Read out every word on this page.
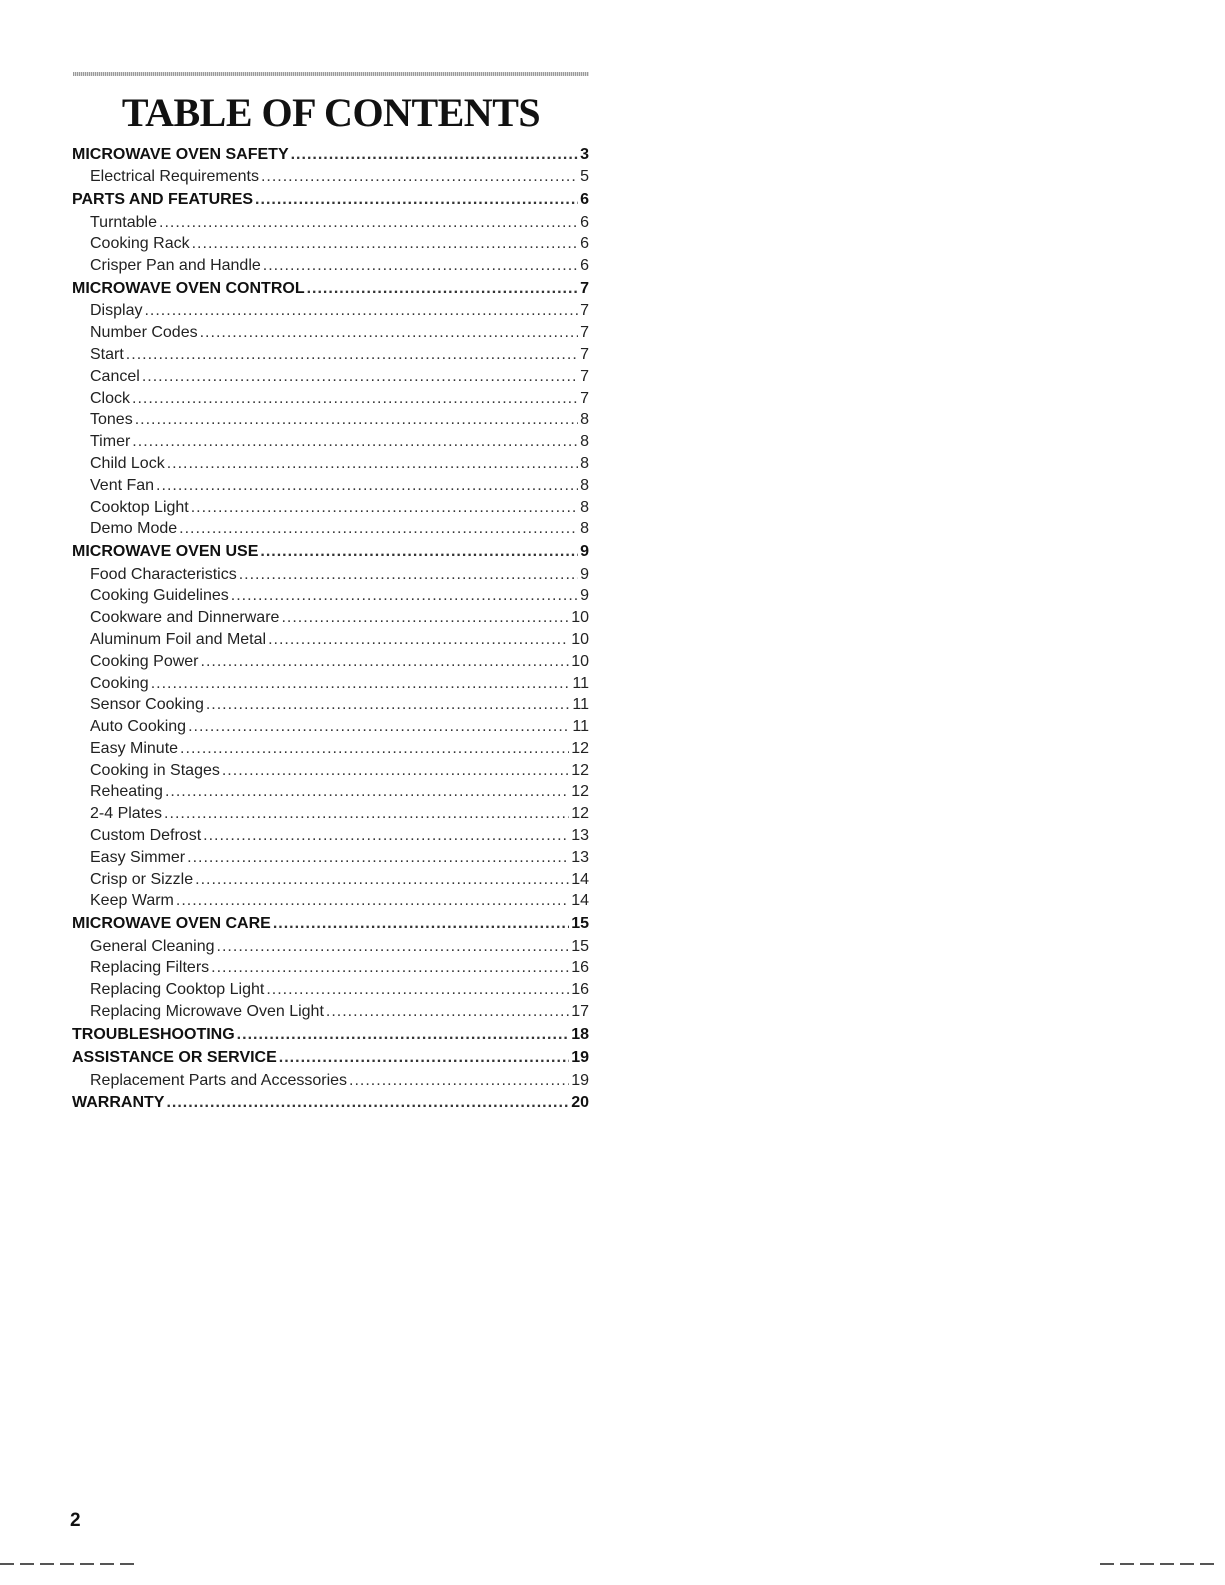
TABLE OF CONTENTS
MICROWAVE OVEN SAFETY .....	3
Electrical Requirements .....	5
PARTS AND FEATURES .....	6
Turntable .....	6
Cooking Rack .....	6
Crisper Pan and Handle .....	6
MICROWAVE OVEN CONTROL .....	7
Display .....	7
Number Codes .....	7
Start .....	7
Cancel .....	7
Clock .....	7
Tones .....	8
Timer .....	8
Child Lock .....	8
Vent Fan .....	8
Cooktop Light .....	8
Demo Mode .....	8
MICROWAVE OVEN USE .....	9
Food Characteristics .....	9
Cooking Guidelines .....	9
Cookware and Dinnerware .....	10
Aluminum Foil and Metal .....	10
Cooking Power .....	10
Cooking .....	11
Sensor Cooking .....	11
Auto Cooking .....	11
Easy Minute .....	12
Cooking in Stages .....	12
Reheating .....	12
2-4 Plates .....	12
Custom Defrost .....	13
Easy Simmer .....	13
Crisp or Sizzle .....	14
Keep Warm .....	14
MICROWAVE OVEN CARE .....	15
General Cleaning .....	15
Replacing Filters .....	16
Replacing Cooktop Light .....	16
Replacing Microwave Oven Light .....	17
TROUBLESHOOTING .....	18
ASSISTANCE OR SERVICE .....	19
Replacement Parts and Accessories .....	19
WARRANTY .....	20
2
